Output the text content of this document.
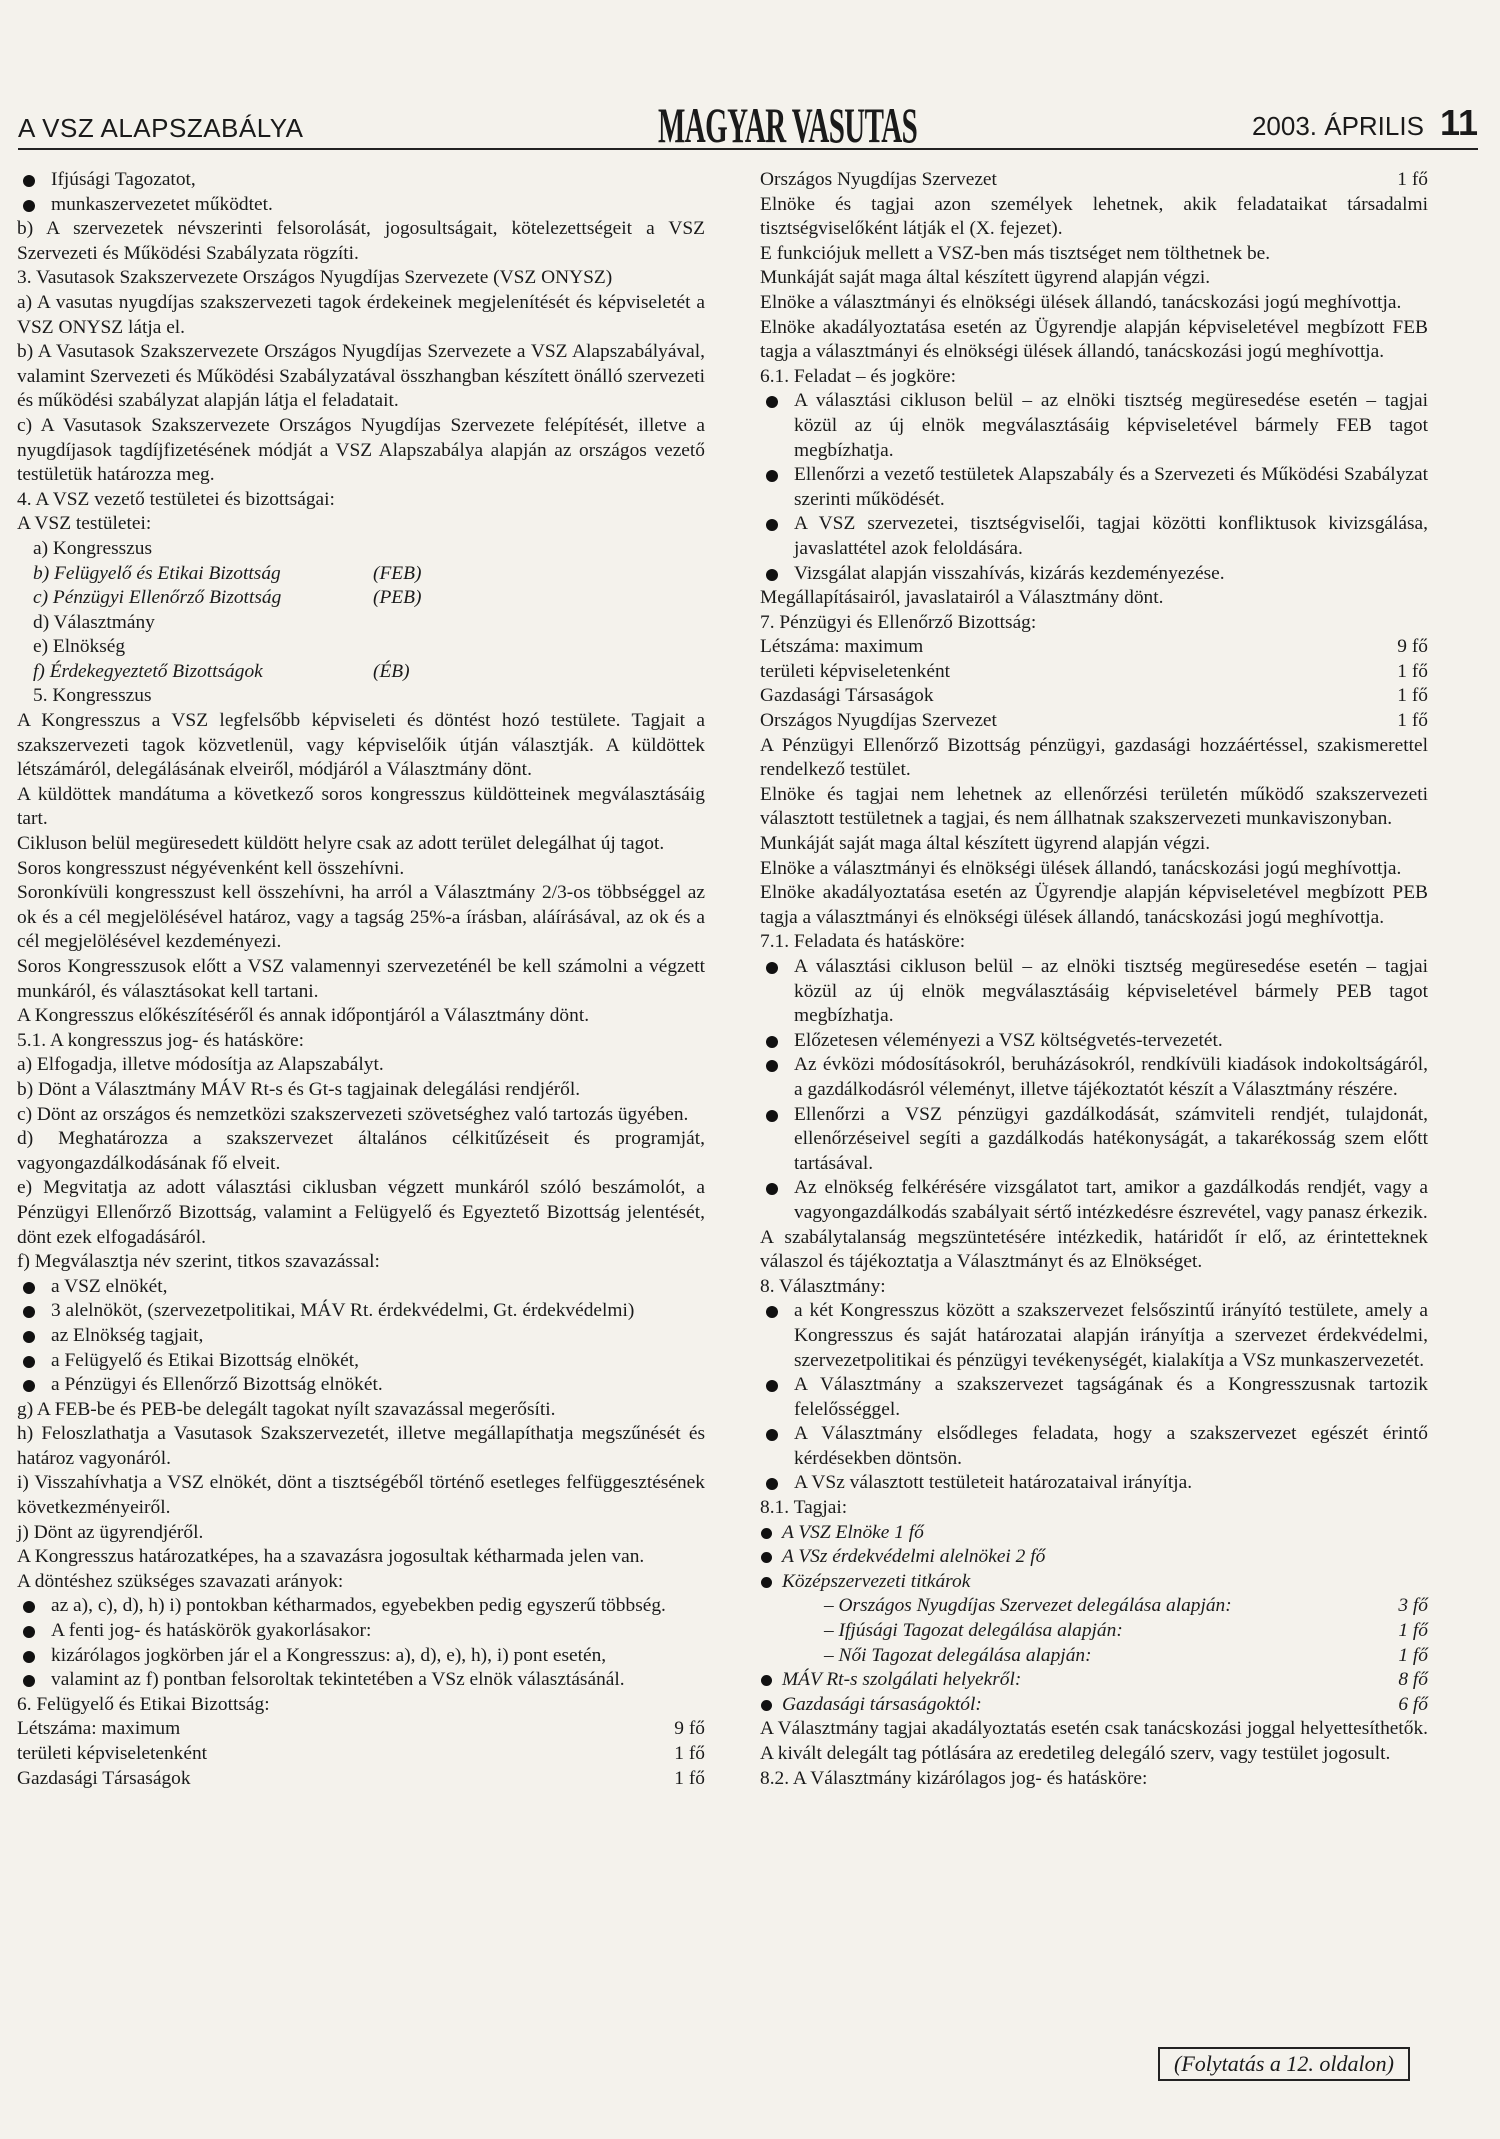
A VSZ ALAPSZABÁLYA	MAGYAR VASUTAS	2003. ÁPRILIS 11

Ifjúsági Tagozatot,

munkaszervezetet működtet.

b) A szervezetek névszerinti felsorolását, jogosultságait, kötelezettségeit a VSZ Szervezeti és Működési Szabályzata rögzíti.

3. Vasutasok Szakszervezete Országos Nyugdíjas Szervezete (VSZ ONYSZ)

a) A vasutas nyugdíjas szakszervezeti tagok érdekeinek megjelenítését és képviseletét a VSZ ONYSZ látja el.

b) A Vasutasok Szakszervezete Országos Nyugdíjas Szervezete a VSZ Alapszabályával, valamint Szervezeti és Működési Szabályzatával összhangban készített önálló szervezeti és működési szabályzat alapján látja el feladatait.

c) A Vasutasok Szakszervezete Országos Nyugdíjas Szervezete felépítését, illetve a nyugdíjasok tagdíjfizetésének módját a VSZ Alapszabálya alapján az országos vezető testületük határozza meg.

4. A VSZ vezető testületei és bizottságai:

A VSZ testületei:

a) Kongresszus

b) Felügyelő és Etikai Bizottság	(FEB)
c) Pénzügyi Ellenőrző Bizottság	(PEB)

d) Választmány

e) Elnökség

f) Érdekegyeztető Bizottságok	(ÉB)

5. Kongresszus

A Kongresszus a VSZ legfelsőbb képviseleti és döntést hozó testülete. Tagjait a szakszervezeti tagok közvetlenül, vagy képviselőik útján választják. A küldöttek létszámáról, delegálásának elveiről, módjáról a Választmány dönt.

A küldöttek mandátuma a következő soros kongresszus küldötteinek megválasztásáig tart.

Cikluson belül megüresedett küldött helyre csak az adott terület delegálhat új tagot.

Soros kongresszust négyévenként kell összehívni.

Soronkívüli kongresszust kell összehívni, ha arról a Választmány 2/3-os többséggel az ok és a cél megjelölésével határoz, vagy a tagság 25%-a írásban, aláírásával, az ok és a cél megjelölésével kezdeményezi.

Soros Kongresszusok előtt a VSZ valamennyi szervezeténél be kell számolni a végzett munkáról, és választásokat kell tartani.

A Kongresszus előkészítéséről és annak időpontjáról a Választmány dönt.

5.1. A kongresszus jog- és hatásköre:

a) Elfogadja, illetve módosítja az Alapszabályt.

b) Dönt a Választmány MÁV Rt-s és Gt-s tagjainak delegálási rendjéről.

c) Dönt az országos és nemzetközi szakszervezeti szövetséghez való tartozás ügyében.

d) Meghatározza a szakszervezet általános célkitűzéseit és programját, vagyongazdálkodásának fő elveit.

e) Megvitatja az adott választási ciklusban végzett munkáról szóló beszámolót, a Pénzügyi Ellenőrző Bizottság, valamint a Felügyelő és Egyeztető Bizottság jelentését, dönt ezek elfogadásáról.

f) Megválasztja név szerint, titkos szavazással:

a VSZ elnökét,

3 alelnököt, (szervezetpolitikai, MÁV Rt. érdekvédelmi, Gt. érdekvédelmi)

az Elnökség tagjait,

a Felügyelő és Etikai Bizottság elnökét,

a Pénzügyi és Ellenőrző Bizottság elnökét.

g) A FEB-be és PEB-be delegált tagokat nyílt szavazással megerősíti.

h) Feloszlathatja a Vasutasok Szakszervezetét, illetve megállapíthatja megszűnését és határoz vagyonáról.

i) Visszahívhatja a VSZ elnökét, dönt a tisztségéből történő esetleges felfüggesztésének következményeiről.

j) Dönt az ügyrendjéről.

A Kongresszus határozatképes, ha a szavazásra jogosultak kétharmada jelen van.

A döntéshez szükséges szavazati arányok:

az a), c), d), h) i) pontokban kétharmados, egyebekben pedig egyszerű többség.

A fenti jog- és hatáskörök gyakorlásakor:

kizárólagos jogkörben jár el a Kongresszus: a), d), e), h), i) pont esetén,

valamint az f) pontban felsoroltak tekintetében a VSz elnök választásánál.

6. Felügyelő és Etikai Bizottság:

Létszáma: maximum	9 fő
területi képviseletenként	1 fő
Gazdasági Társaságok	1 fő
Országos Nyugdíjas Szervezet	1 fő

Elnöke és tagjai azon személyek lehetnek, akik feladataikat társadalmi tisztségviselőként látják el (X. fejezet).

E funkciójuk mellett a VSZ-ben más tisztséget nem tölthetnek be.

Munkáját saját maga által készített ügyrend alapján végzi.

Elnöke a választmányi és elnökségi ülések állandó, tanácskozási jogú meghívottja.

Elnöke akadályoztatása esetén az Ügyrendje alapján képviseletével megbízott FEB tagja a választmányi és elnökségi ülések állandó, tanácskozási jogú meghívottja.

6.1. Feladat – és jogköre:

A választási cikluson belül – az elnöki tisztség megüresedése esetén – tagjai közül az új elnök megválasztásáig képviseletével bármely FEB tagot megbízhatja.

Ellenőrzi a vezető testületek Alapszabály és a Szervezeti és Működési Szabályzat szerinti működését.

A VSZ szervezetei, tisztségviselői, tagjai közötti konfliktusok kivizsgálása, javaslattétel azok feloldására.

Vizsgálat alapján visszahívás, kizárás kezdeményezése.

Megállapításairól, javaslatairól a Választmány dönt.

7. Pénzügyi és Ellenőrző Bizottság:

Létszáma: maximum	9 fő
területi képviseletenként	1 fő
Gazdasági Társaságok	1 fő
Országos Nyugdíjas Szervezet	1 fő

A Pénzügyi Ellenőrző Bizottság pénzügyi, gazdasági hozzáértéssel, szakismerettel rendelkező testület.

Elnöke és tagjai nem lehetnek az ellenőrzési területén működő szakszervezeti választott testületnek a tagjai, és nem állhatnak szakszervezeti munkaviszonyban.

Munkáját saját maga által készített ügyrend alapján végzi.

Elnöke a választmányi és elnökségi ülések állandó, tanácskozási jogú meghívottja.

Elnöke akadályoztatása esetén az Ügyrendje alapján képviseletével megbízott PEB tagja a választmányi és elnökségi ülések állandó, tanácskozási jogú meghívottja.

7.1. Feladata és hatásköre:

A választási cikluson belül – az elnöki tisztség megüresedése esetén – tagjai közül az új elnök megválasztásáig képviseletével bármely PEB tagot megbízhatja.

Előzetesen véleményezi a VSZ költségvetés-tervezetét.

Az évközi módosításokról, beruházásokról, rendkívüli kiadások indokoltságáról, a gazdálkodásról véleményt, illetve tájékoztatót készít a Választmány részére.

Ellenőrzi a VSZ pénzügyi gazdálkodását, számviteli rendjét, tulajdonát, ellenőrzéseivel segíti a gazdálkodás hatékonyságát, a takarékosság szem előtt tartásával.

Az elnökség felkérésére vizsgálatot tart, amikor a gazdálkodás rendjét, vagy a vagyongazdálkodás szabályait sértő intézkedésre észrevétel, vagy panasz érkezik.

A szabálytalanság megszüntetésére intézkedik, határidőt ír elő, az érintetteknek válaszol és tájékoztatja a Választmányt és az Elnökséget.

8. Választmány:

a két Kongresszus között a szakszervezet felsőszintű irányító testülete, amely a Kongresszus és saját határozatai alapján irányítja a szervezet érdekvédelmi, szervezetpolitikai és pénzügyi tevékenységét, kialakítja a VSz munkaszervezetét.

A Választmány a szakszervezet tagságának és a Kongresszusnak tartozik felelősséggel.

A Választmány elsődleges feladata, hogy a szakszervezet egészét érintő kérdésekben döntsön.

A VSz választott testületeit határozataival irányítja.

8.1. Tagjai:

A VSZ Elnöke 1 fő

A VSz érdekvédelmi alelnökei 2 fő

Középszervezeti titkárok

– Országos Nyugdíjas Szervezet delegálása alapján:	3 fő
– Ifjúsági Tagozat delegálása alapján:	1 fő
– Női Tagozat delegálása alapján:	1 fő
MÁV Rt-s szolgálati helyekről:	8 fő
Gazdasági társaságoktól:	6 fő

A Választmány tagjai akadályoztatás esetén csak tanácskozási joggal helyettesíthetők. A kivált delegált tag pótlására az eredetileg delegáló szerv, vagy testület jogosult.

8.2. A Választmány kizárólagos jog- és hatásköre:

(Folytatás a 12. oldalon)
